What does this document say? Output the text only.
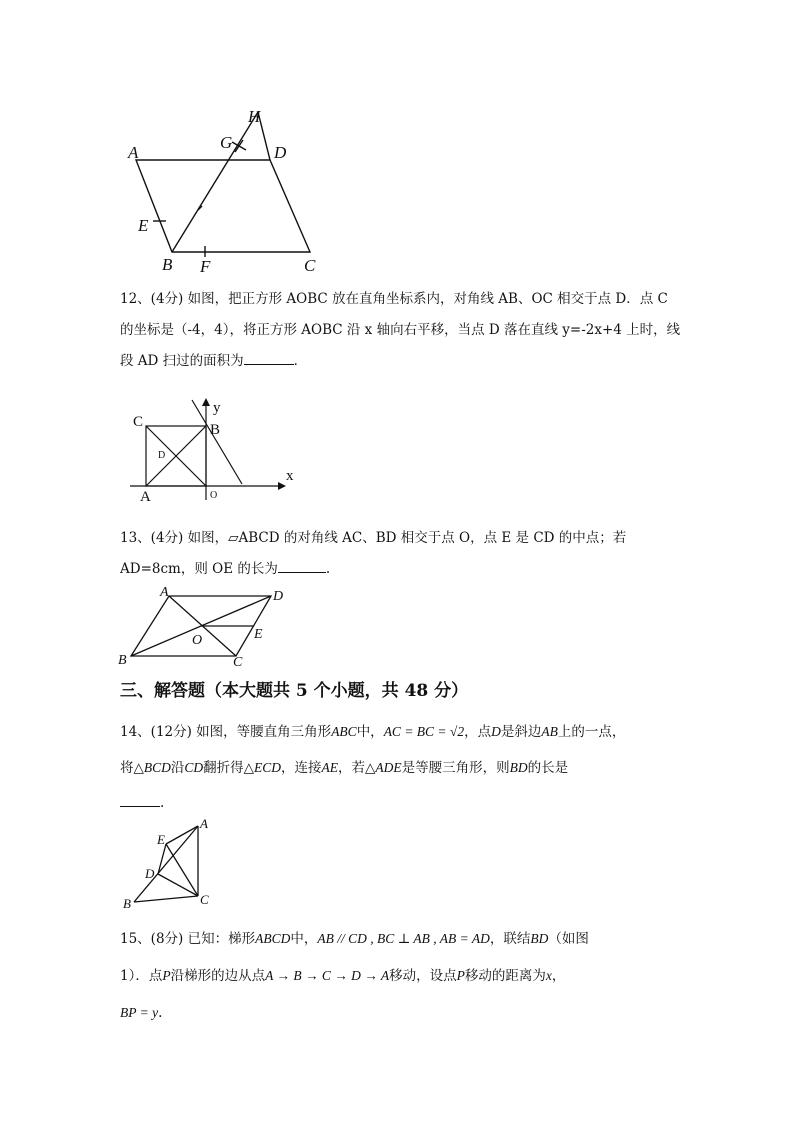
A	D
E
B F	C
G
H

12、(4分) 如图，把正方形 AOBC 放在直角坐标系内，对角线 AB、OC 相交于点 D．点 C

的坐标是（-4，4），将正方形 AOBC 沿 x 轴向右平移，当点 D 落在直线 y=-2x+4 上时，线

段 AD 扫过的面积为	．

C	B
y
A
x
D
O

13、(4分) 如图，▱ABCD 的对角线 AC、BD 相交于点 O，点 E 是 CD 的中点；若

AD=8cm，则 OE 的长为	.

A	D
O	E
B	C
三、解答题（本大题共 5 个小题，共 48 分）

14、(12分) 如图，等腰直角三角形ABC中，AC = BC = √2，点D是斜边AB上的一点，

将△BCD沿CD翻折得△ECD，连接AE，若△ADE是等腰三角形，则BD的长是

.

E
A
D
B	C

15、(8分) 已知：梯形ABCD中，AB // CD , BC ⊥ AB , AB = AD，联结BD（如图

1）．点P沿梯形的边从点A → B → C → D → A移动，设点P移动的距离为x，

BP = y.
